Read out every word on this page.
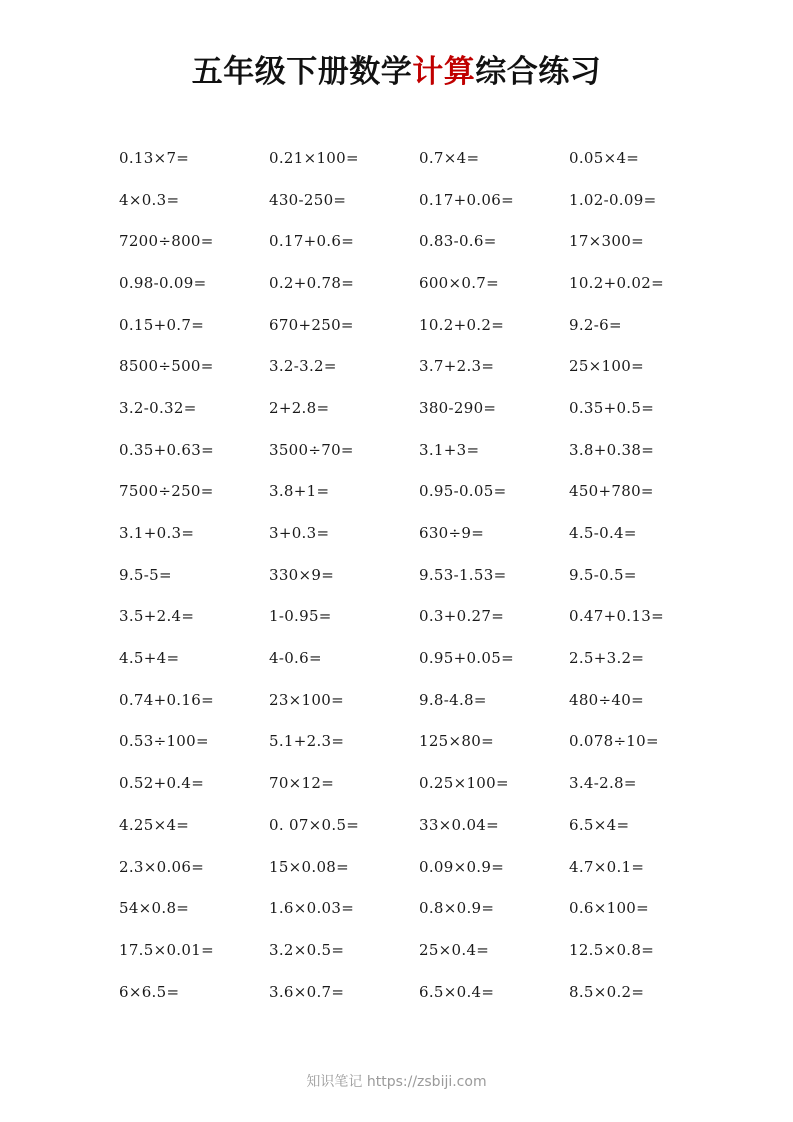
五年级下册数学计算综合练习
0.13×7=	0.21×100=	0.7×4=	0.05×4=
4×0.3=	430-250=	0.17+0.06=	1.02-0.09=
7200÷800=	0.17+0.6=	0.83-0.6=	17×300=
0.98-0.09=	0.2+0.78=	600×0.7=	10.2+0.02=
0.15+0.7=	670+250=	10.2+0.2=	9.2-6=
8500÷500=	3.2-3.2=	3.7+2.3=	25×100=
3.2-0.32=	2+2.8=	380-290=	0.35+0.5=
0.35+0.63=	3500÷70=	3.1+3=	3.8+0.38=
7500÷250=	3.8+1=	0.95-0.05=	450+780=
3.1+0.3=	3+0.3=	630÷9=	4.5-0.4=
9.5-5=	330×9=	9.53-1.53=	9.5-0.5=
3.5+2.4=	1-0.95=	0.3+0.27=	0.47+0.13=
4.5+4=	4-0.6=	0.95+0.05=	2.5+3.2=
0.74+0.16=	23×100=	9.8-4.8=	480÷40=
0.53÷100=	5.1+2.3=	125×80=	0.078÷10=
0.52+0.4=	70×12=	0.25×100=	3.4-2.8=
4.25×4=	0. 07×0.5=	33×0.04=	6.5×4=
2.3×0.06=	15×0.08=	0.09×0.9=	4.7×0.1=
54×0.8=	1.6×0.03=	0.8×0.9=	0.6×100=
17.5×0.01=	3.2×0.5=	25×0.4=	12.5×0.8=
6×6.5=	3.6×0.7=	6.5×0.4=	8.5×0.2=
知识笔记 https://zsbiji.com
